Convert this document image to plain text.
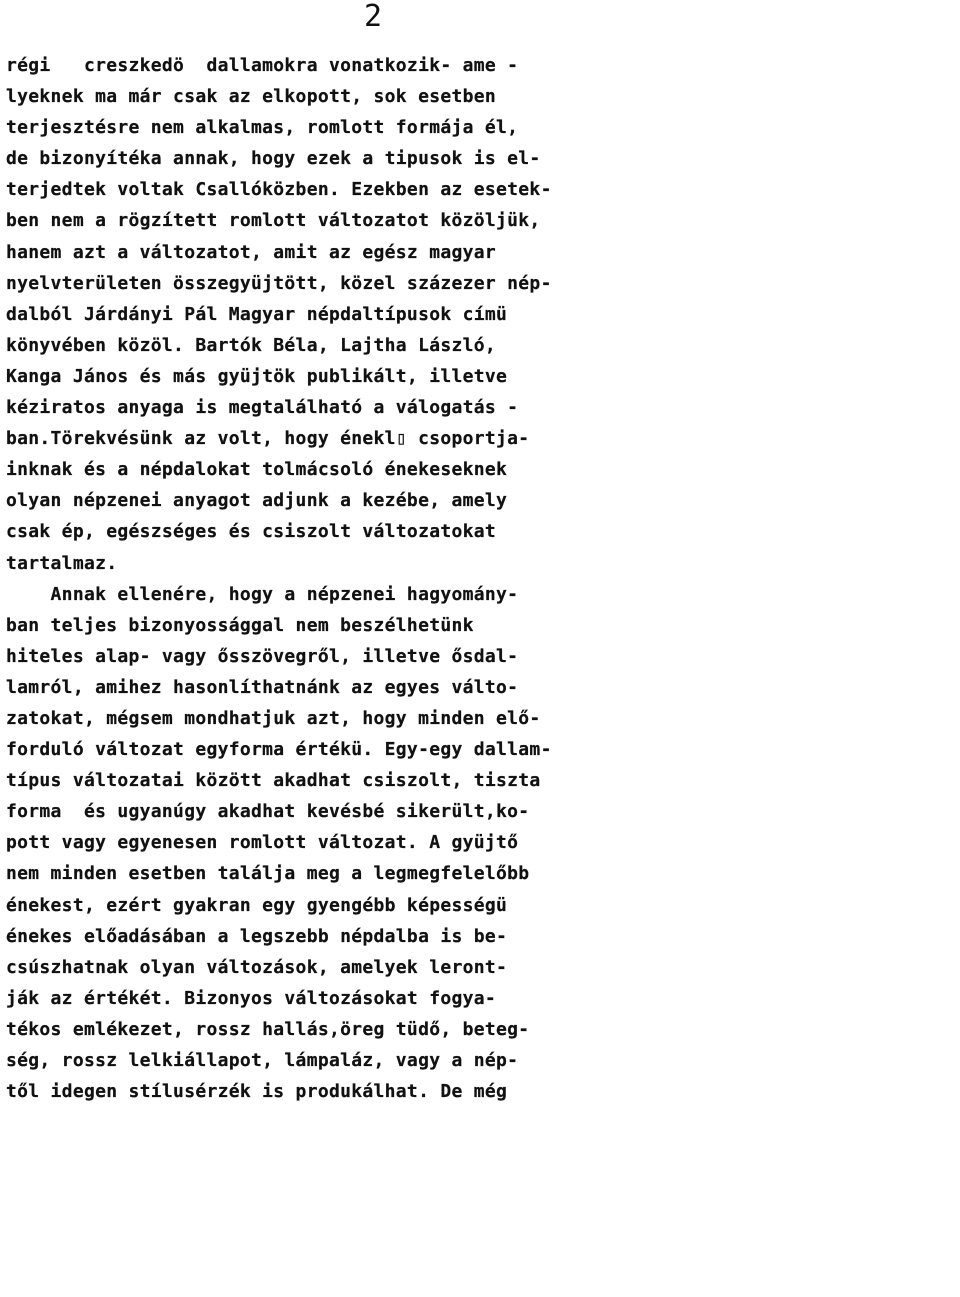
2
régi   creszkedö  dallamokra vonatkozik- ame -
lyeknek ma már csak az elkopott, sok esetben
terjesztésre nem alkalmas, romlott formája él,
de bizonyítéka annak, hogy ezek a tipusok is el-
terjedtek voltak Csallóközben. Ezekben az esetek-
ben nem a rögzített romlott változatot közöljük,
hanem azt a változatot, amit az egész magyar
nyelvterületen összegyüjtött, közel százezer nép-
dalból Járdányi Pál Magyar népdaltípusok címü
könyvében közöl. Bartók Béla, Lajtha László,
Kanga János és más gyüjtök publikált, illetve
kéziratos anyaga is megtalálható a válogatás -
ban.Törekvésünk az volt, hogy énekl▯ csoportja-
inknak és a népdalokat tolmácsoló énekeseknek
olyan népzenei anyagot adjunk a kezébe, amely
csak ép, egészséges és csiszolt változatokat
tartalmaz.
Annak ellenére, hogy a népzenei hagyomány-
ban teljes bizonyossággal nem beszélhetünk
hiteles alap- vagy ősszövegről, illetve ősdal-
lamról, amihez hasonlíthatnánk az egyes válto-
zatokat, mégsem mondhatjuk azt, hogy minden elő-
forduló változat egyforma értékü. Egy-egy dallam-
típus változatai között akadhat csiszolt, tiszta
forma  és ugyanúgy akadhat kevésbé sikerült,ko-
pott vagy egyenesen romlott változat. A gyüjtő
nem minden esetben találja meg a legmegfelelőbb
énekest, ezért gyakran egy gyengébb képességü
énekes előadásában a legszebb népdalba is be-
csúszhatnak olyan változások, amelyek leront-
ják az értékét. Bizonyos változásokat fogya-
tékos emlékezet, rossz hallás,öreg tüdő, beteg-
ség, rossz lelkiállapot, lámpaláz, vagy a nép-
től idegen stílusérzék is produkálhat. De még
